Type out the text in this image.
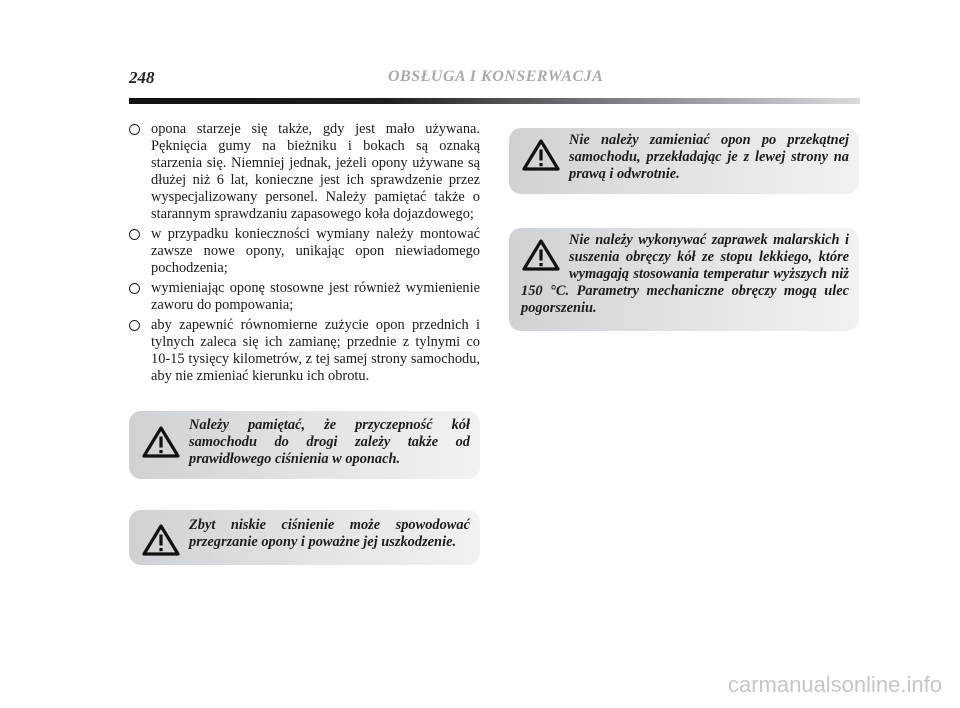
248	OBSŁUGA I KONSERWACJA
opona starzeje się także, gdy jest mało używana. Pęknięcia gumy na bieżniku i bokach są oznaką starzenia się. Niemniej jednak, jeżeli opony używane są dłużej niż 6 lat, konieczne jest ich sprawdzenie przez wyspecjalizowany personel. Należy pamiętać także o starannym sprawdzaniu zapasowego koła dojazdowego;
w przypadku konieczności wymiany należy montować zawsze nowe opony, unikając opon niewiadomego pochodzenia;
wymieniając oponę stosowne jest również wymienienie zaworu do pompowania;
aby zapewnić równomierne zużycie opon przednich i tylnych zaleca się ich zamianę; przednie z tylnymi co 10-15 tysięcy kilometrów, z tej samej strony samochodu, aby nie zmieniać kierunku ich obrotu.
Należy pamiętać, że przyczepność kół samochodu do drogi zależy także od prawidłowego ciśnienia w oponach.
Zbyt niskie ciśnienie może spowodować przegrzanie opony i poważne jej uszkodzenie.
Nie należy zamieniać opon po przekątnej samochodu, przekładając je z lewej strony na prawą i odwrotnie.
Nie należy wykonywać zaprawek malarskich i suszenia obręczy kół ze stopu lekkiego, które wymagają stosowania temperatur wyższych niż 150 °C. Parametry mechaniczne obręczy mogą ulec pogorszeniu.
carmanualsonline.info
